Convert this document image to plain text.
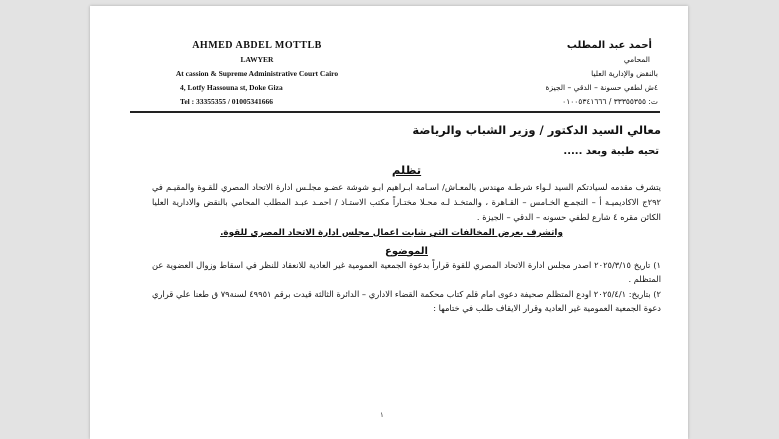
AHMED ABDEL MOTTLB
LAWYER
At cassion & Supreme Administrative Court Cairo
4, Lotfy Hassouna st, Doke Giza
Tel : 33355355 / 01005341666
أحمد عبد المطلب
المحامي
بالنقض والإدارية العليا
٤ش لطفي حسونة – الدقي – الجيزة
ت: ٣٣٣٥٥٣٥٥ / ٠١٠٠٥٣٤١٦٦٦
معالي السيد الدكتور / وزير الشباب والرياضة
تحيه طيبة وبعد .....
تظلم
يتشرف مقدمه لسيادتكم السيد لـواء شرطـة مهندس بالمعـاش/ اسـامة ابـراهيم ابـو شوشة عضـو مجلـس ادارة الاتحاد المصري للقـوة والمقيـم في ٢٩٢ج الاكاديميـة أ – التجمـع الخـامس – القـاهرة ، والمتخـذ لـه محـلا مختـاراً مكتب الاستـاذ / احمـد عبـد المطلب المحامي بالنقض والادارية العليا الكائن مقره ٤ شارع لطفي حسونه – الدقي – الجيزة .
واتشرف بعرض المخالفات التي شابت اعمال مجلس ادارة الاتحاد المصري للقوة.
الموضوع
١) تاريخ ٢٠٢٥/٣/١٥ اصدر مجلس ادارة الاتحاد المصري للقوة قراراً بدعوة الجمعية العمومية غير العادية للانعقاد للنظر في اسقاط وزوال العضوية عن المتظلم .
٢) بتاريخ: ٢٠٢٥/٤/١ اودع المتظلم صحيفة دعوى امام قلم كتاب محكمة القضاء الاداري – الدائرة الثالثة قيدت برقم ٤٩٩٥١ لسنة٧٩ ق طعنا علي قراري دعوة الجمعية العمومية غير العادية وقرار الايقاف طلب في ختامها :
١
